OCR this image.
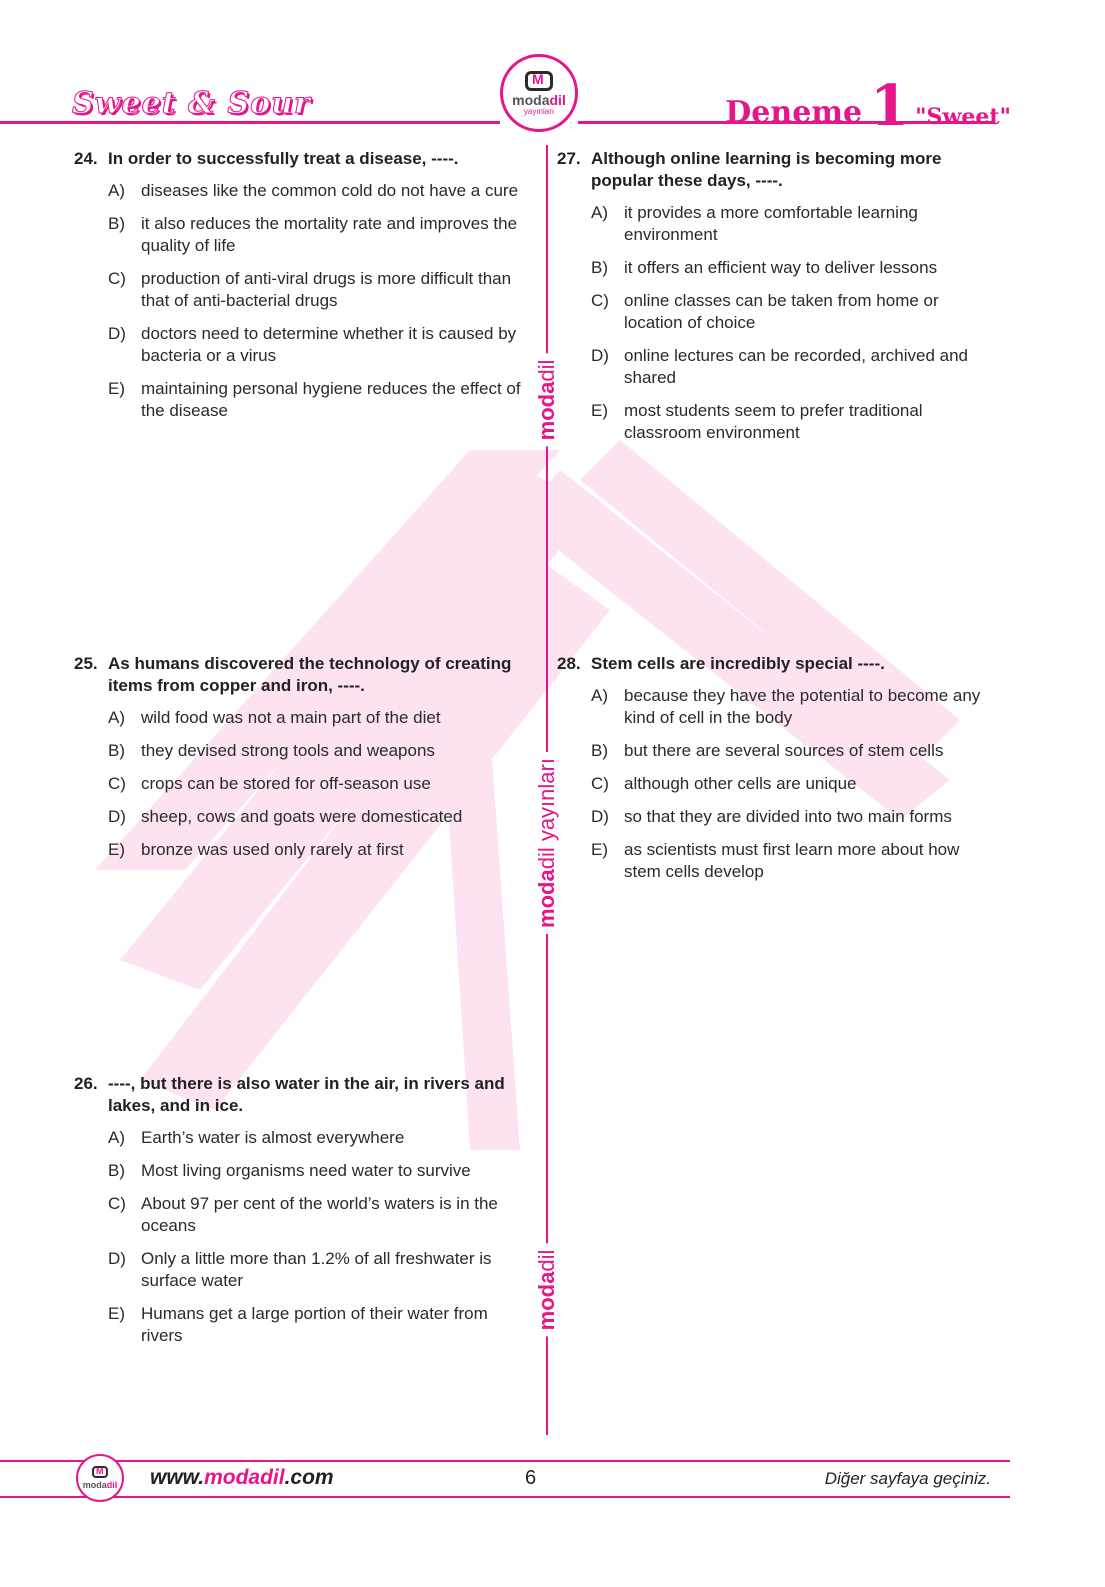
Sweet & Sour
M	modadil
yayınları	Deneme 1 "Sweet"
modadil
modadil yayınları
modadil
24. In order to successfully treat a disease, ----.
A) diseases like the common cold do not have a cure
B) it also reduces the mortality rate and improves the quality of life
C) production of anti-viral drugs is more difficult than that of anti-bacterial drugs
D) doctors need to determine whether it is caused by bacteria or a virus
E) maintaining personal hygiene reduces the effect of the disease
25. As humans discovered the technology of creating items from copper and iron, ----.
A) wild food was not a main part of the diet
B) they devised strong tools and weapons
C) crops can be stored for off-season use
D) sheep, cows and goats were domesticated
E) bronze was used only rarely at first
26. ----, but there is also water in the air, in rivers and lakes, and in ice.
A) Earth’s water is almost everywhere
B) Most living organisms need water to survive
C) About 97 per cent of the world’s waters is in the oceans
D) Only a little more than 1.2% of all freshwater is surface water
E) Humans get a large portion of their water from rivers
27. Although online learning is becoming more popular these days, ----.
A) it provides a more comfortable learning environment
B) it offers an efficient way to deliver lessons
C) online classes can be taken from home or location of choice
D) online lectures can be recorded, archived and shared
E) most students seem to prefer traditional classroom environment
28. Stem cells are incredibly special ----.
A) because they have the potential to become any kind of cell in the body
B) but there are several sources of stem cells
C) although other cells are unique
D) so that they are divided into two main forms
E) as scientists must first learn more about how stem cells develop
M
modadil www.modadil.com	6	Diğer sayfaya geçiniz.
